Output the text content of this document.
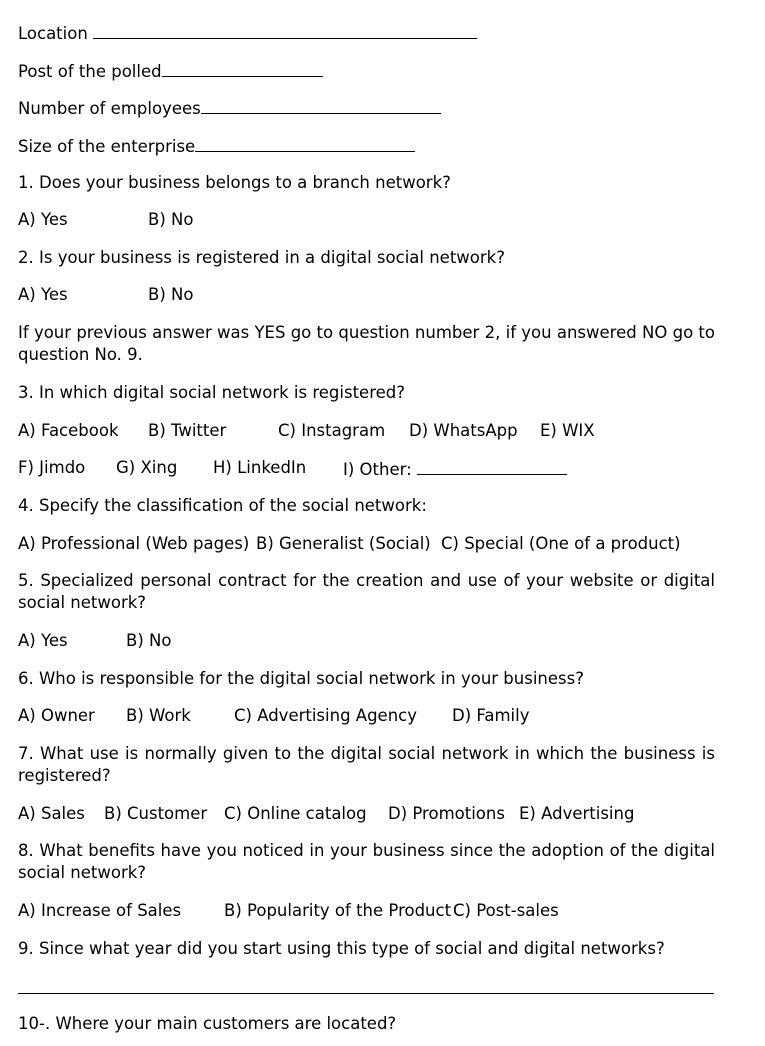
Location
Post of the polled
Number of employees
Size of the enterprise
1. Does your business belongs to a branch network?
A) Yes	B) No
2. Is your business is registered in a digital social network?
A) Yes	B) No
If your previous answer was YES go to question number 2, if you answered NO go to question No. 9.
3. In which digital social network is registered?
A) Facebook B) Twitter	C) Instagram D) WhatsApp E) WIX
F) Jimdo G) Xing H) LinkedIn I) Other:
4. Specify the classification of the social network:
A) Professional (Web pages) B) Generalist (Social) C) Special (One of a product)
5. Specialized personal contract for the creation and use of your website or digital social network?
A) Yes	B) No
6. Who is responsible for the digital social network in your business?
A) Owner B) Work	C) Advertising Agency D) Family
7. What use is normally given to the digital social network in which the business is registered?
A) Sales B) Customer C) Online catalog D) Promotions E) Advertising
8. What benefits have you noticed in your business since the adoption of the digital social network?
A) Increase of Sales	B) Popularity of the Product C) Post-sales
9. Since what year did you start using this type of social and digital networks?
10-. Where your main customers are located?
